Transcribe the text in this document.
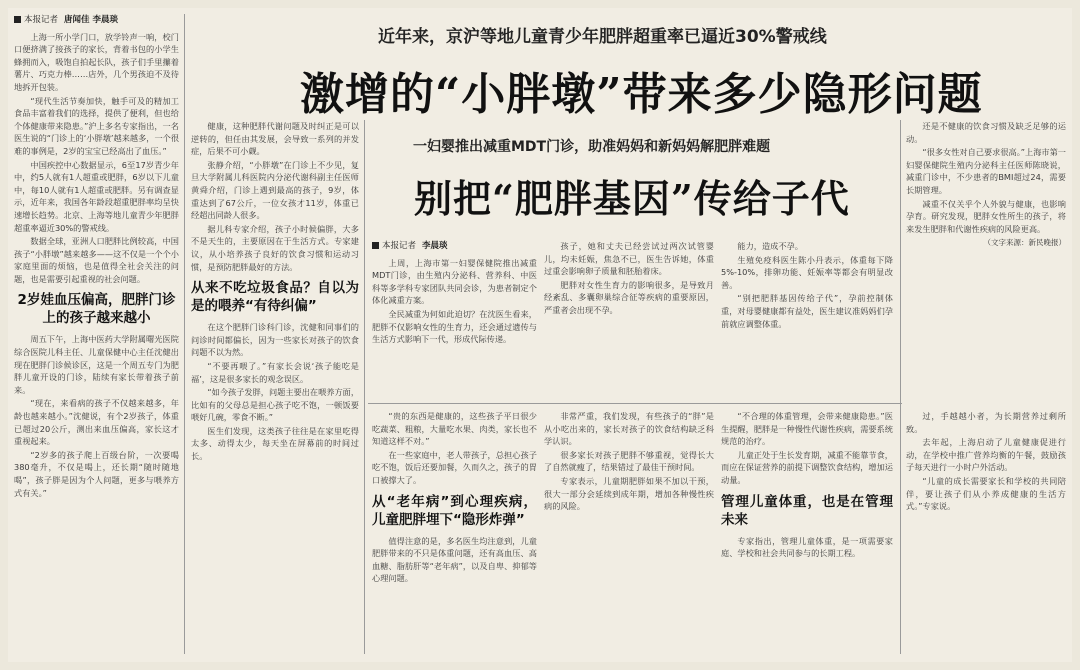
本报记者 唐闻佳 李晨琰

上海一所小学门口，放学铃声一响，校门口便挤满了接孩子的家长，背着书包的小学生蜂拥而入，吸饱自拍起长队，孩子们手里攥着薯片、巧克力棒……店外，几个男孩迫不及待地拆开包装。

“现代生活节奏加快，触手可及的精加工食品丰富着我们的选择，提供了便利，但也给个体健康带来隐患。”沪上多名专家指出，一名医生说的“门诊上的‘小胖墩’越来越多，一个很难的事例是，2岁的宝宝已经高出了血压。”

中国疾控中心数据显示，6至17岁青少年中，约5人就有1人超重或肥胖，6岁以下儿童中，每10人就有1人超重或肥胖。另有调查显示，近年来，我国各年龄段超重肥胖率均呈快速增长趋势。北京、上海等地儿童青少年肥胖超重率逼近30%的警戒线。

数据全球，亚洲人口肥胖比例较高，中国孩子“小胖墩”越来越多——这不仅是一个个小家庭里面的烦恼，也是值得全社会关注的问题，也是需要引起重视的社会问题。

2岁娃血压偏高，肥胖门诊上的孩子越来越小

周五下午，上海中医药大学附属曙光医院综合医院儿科主任、儿童保健中心主任沈健出现在肥胖门诊候诊区，这是一个周五专门为肥胖儿童开设的门诊，陆续有家长带着孩子前来。

“现在，来看病的孩子不仅越来越多，年龄也越来越小。”沈健说，有个2岁孩子，体重已超过20公斤，测出来血压偏高，家长这才重视起来。

“2岁多的孩子爬上百级台阶，一次要喝380毫升，不仅是喝上，还长期“随时随地喝”，孩子胖是因为个人问题，更多与喂养方式有关。”

近年来，京沪等地儿童青少年肥胖超重率已逼近30%警戒线
激增的“小胖墩”带来多少隐形问题

健康，这种肥胖代谢问题及时纠正是可以逆转的，但任由其发展，会导致一系列的并发症，后果不可小觑。

张静介绍，“小胖墩”在门诊上不少见，复旦大学附属儿科医院内分泌代谢科副主任医师黄舜介绍，门诊上遇到最高的孩子，9岁，体重达到了67公斤，一位女孩才11岁，体重已经超出同龄人很多。

据儿科专家介绍，孩子小时候偏胖，大多不是天生的，主要原因在于生活方式。专家建议，从小培养孩子良好的饮食习惯和运动习惯，是预防肥胖最好的方法。

从来不吃垃圾食品？自以为是的喂养“有待纠偏”

在这个肥胖门诊科门诊，沈健和同事们的问诊时间都偏长，因为一些家长对孩子的饮食问题不以为然。

“不要再喂了。”有家长会说‘孩子能吃是福’，这是很多家长的观念误区。

“如今孩子发胖，问题主要出在喂养方面，比如有的父母总是担心孩子吃不饱，一顿饭要喂好几碗，零食不断。”

医生们发现，这类孩子往往是在家里吃得太多、动得太少，每天坐在屏幕前的时间过长。

一妇婴推出减重MDT门诊，助准妈妈和新妈妈解肥胖难题
别把“肥胖基因”传给子代
本报记者 李晨琰

上周，上海市第一妇婴保健院推出减重MDT门诊，由生殖内分泌科、营养科、中医科等多学科专家团队共同会诊，为患者制定个体化减重方案。

全民减重为何如此迫切？在沈医生看来，肥胖不仅影响女性的生育力，还会通过遗传与生活方式影响下一代，形成代际传递。

孩子，她和丈夫已经尝试过两次试管婴儿，均未妊娠，焦急不已，医生告诉她，体重过重会影响卵子质量和胚胎着床。

肥胖对女性生育力的影响很多，是导致月经紊乱、多囊卵巢综合征等疾病的重要原因，严重者会出现不孕。

能力，造成不孕。

生殖免疫科医生陈小丹表示，体重每下降5%-10%，排卵功能、妊娠率等都会有明显改善。

“别把肥胖基因传给子代”，孕前控制体重，对母婴健康都有益处，医生建议准妈妈们孕前就应调整体重。

还是不健康的饮食习惯及缺乏足够的运动。

“很多女性对自己要求很高。”上海市第一妇婴保健院生殖内分泌科主任医师陈晓说，减重门诊中，不少患者的BMI超过24，需要长期管理。

减重不仅关乎个人外貌与健康，也影响孕育。研究发现，肥胖女性所生的孩子，将来发生肥胖和代谢性疾病的风险更高。

（文字来源：新民晚报）

“贵的东西是健康的，这些孩子平日很少吃蔬菜、粗粮，大量吃水果、肉类，家长也不知道这样不对。”

在一些家庭中，老人带孩子，总担心孩子吃不饱，饭后还要加餐，久而久之，孩子的胃口被撑大了。

从“老年病”到心理疾病，儿童肥胖埋下“隐形炸弹”

值得注意的是，多名医生均注意到，儿童肥胖带来的不只是体重问题，还有高血压、高血糖、脂肪肝等“老年病”，以及自卑、抑郁等心理问题。

非常严重，我们发现，有些孩子的“胖”是从小吃出来的，家长对孩子的饮食结构缺乏科学认识。

很多家长对孩子肥胖不够重视，觉得长大了自然就瘦了，结果错过了最佳干预时间。

专家表示，儿童期肥胖如果不加以干预，很大一部分会延续到成年期，增加各种慢性疾病的风险。

“不合理的体重管理，会带来健康隐患。”医生提醒，肥胖是一种慢性代谢性疾病，需要系统规范的治疗。

儿童正处于生长发育期，减重不能靠节食，而应在保证营养的前提下调整饮食结构，增加运动量。

管理儿童体重，也是在管理未来

专家指出，管理儿童体重，是一项需要家庭、学校和社会共同参与的长期工程。

过，手越越小者，为长期营养过剩所致。

去年起，上海启动了儿童健康促进行动，在学校中推广营养均衡的午餐，鼓励孩子每天进行一小时户外活动。

“儿童的成长需要家长和学校的共同陪伴，要让孩子们从小养成健康的生活方式。”专家说。
